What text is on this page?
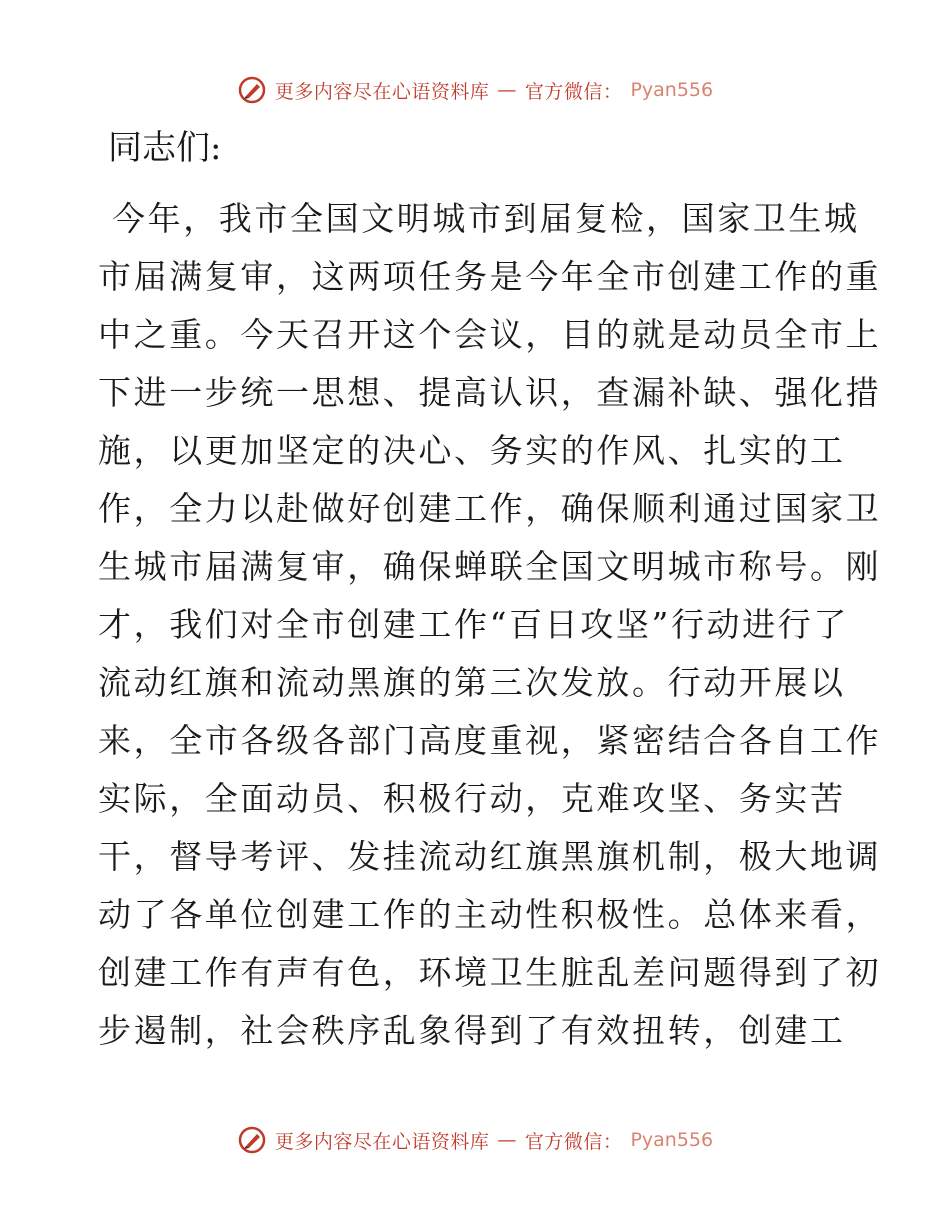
更多内容尽在心语资料库 — 官方微信： Pyan556

同志们:

今年，我市全国文明城市到届复检，国家卫生城
市届满复审，这两项任务是今年全市创建工作的重
中之重。今天召开这个会议，目的就是动员全市上
下进一步统一思想、提高认识，查漏补缺、强化措
施，以更加坚定的决心、务实的作风、扎实的工
作，全力以赴做好创建工作，确保顺利通过国家卫
生城市届满复审，确保蝉联全国文明城市称号。刚
才，我们对全市创建工作“百日攻坚”行动进行了
流动红旗和流动黑旗的第三次发放。行动开展以
来，全市各级各部门高度重视，紧密结合各自工作
实际，全面动员、积极行动，克难攻坚、务实苦
干，督导考评、发挂流动红旗黑旗机制，极大地调
动了各单位创建工作的主动性积极性。总体来看，
创建工作有声有色，环境卫生脏乱差问题得到了初
步遏制，社会秩序乱象得到了有效扭转，创建工
更多内容尽在心语资料库 — 官方微信： Pyan556
